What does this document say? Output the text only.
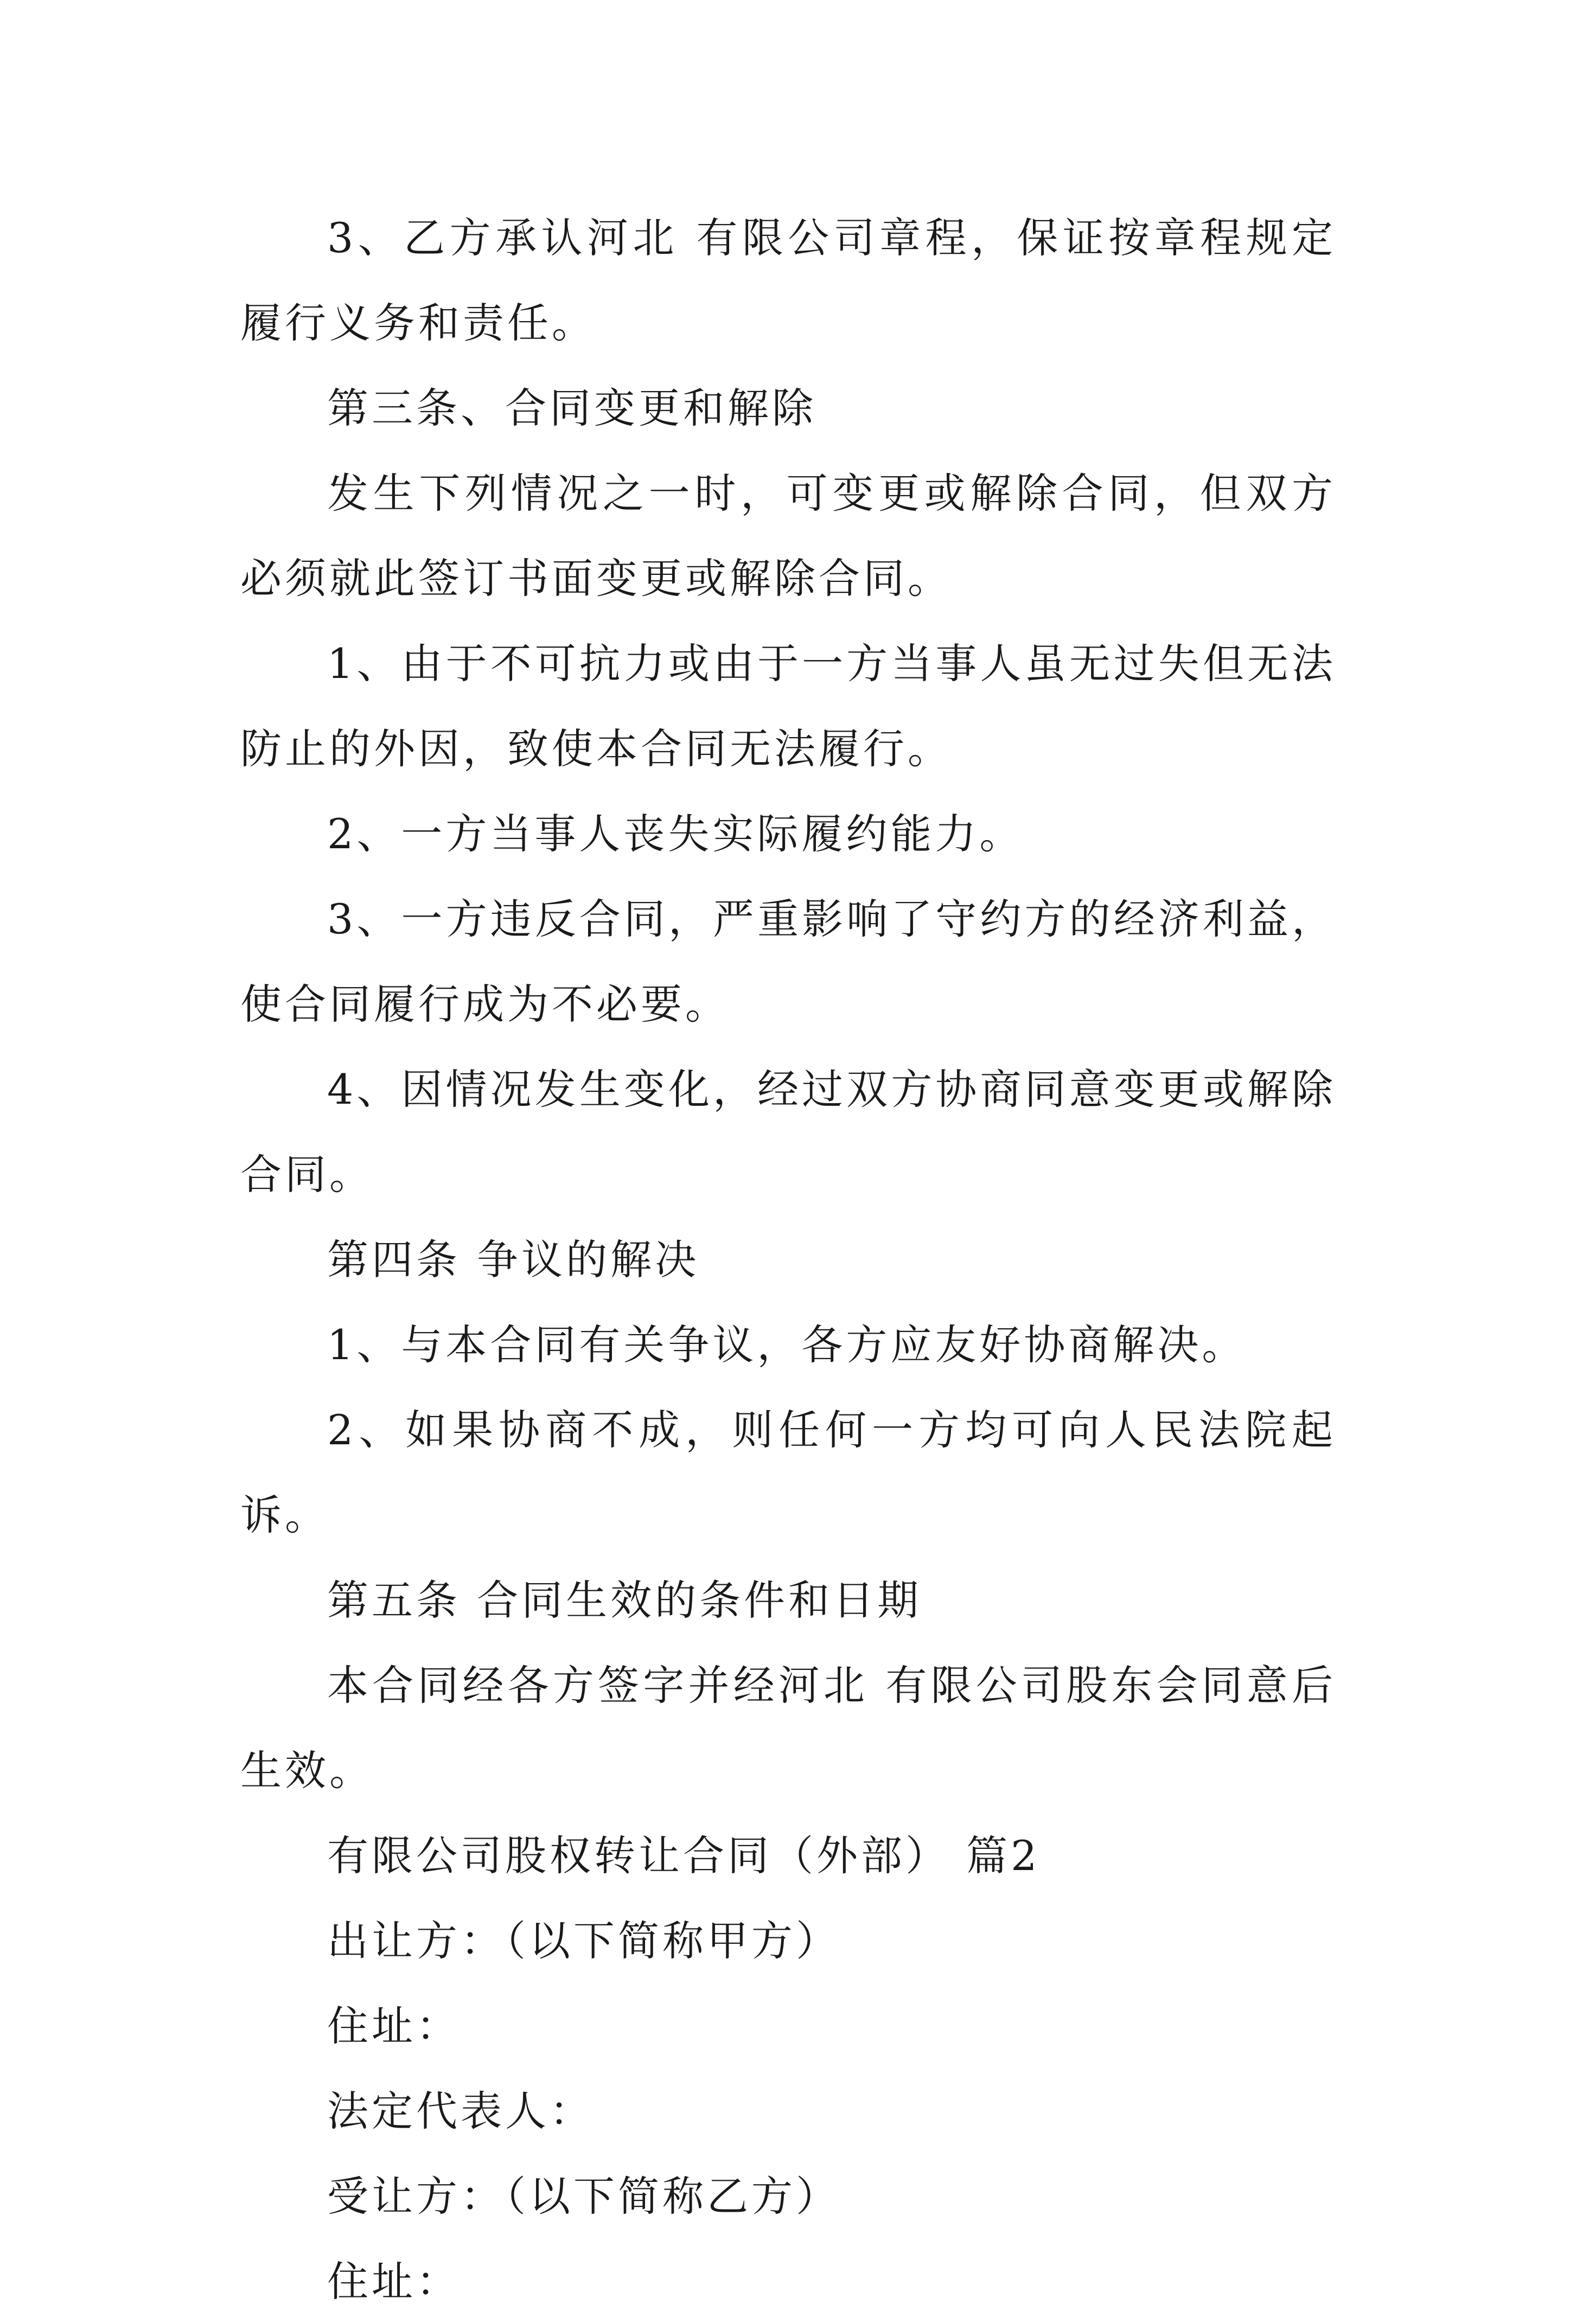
3、乙方承认河北 有限公司章程，保证按章程规定履行义务和责任。

第三条、合同变更和解除

发生下列情况之一时，可变更或解除合同，但双方必须就此签订书面变更或解除合同。

1、由于不可抗力或由于一方当事人虽无过失但无法防止的外因，致使本合同无法履行。

2、一方当事人丧失实际履约能力。

3、一方违反合同，严重影响了守约方的经济利益，使合同履行成为不必要。

4、因情况发生变化，经过双方协商同意变更或解除合同。

第四条 争议的解决

1、与本合同有关争议，各方应友好协商解决。

2、如果协商不成，则任何一方均可向人民法院起诉。

第五条 合同生效的条件和日期

本合同经各方签字并经河北 有限公司股东会同意后生效。

有限公司股权转让合同（外部） 篇2

出让方：（以下简称甲方）

住址：

法定代表人：

受让方：（以下简称乙方）

住址：
